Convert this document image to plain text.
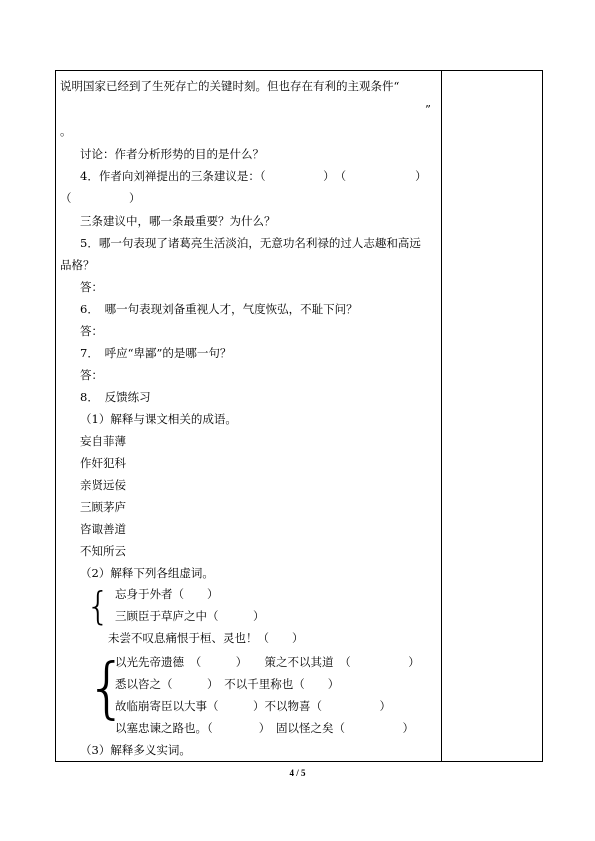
说明国家已经到了生死存亡的关键时刻。但也存在有利的主观条件“
”
。
讨论：作者分析形势的目的是什么？
4．作者向刘禅提出的三条建议是：（　　　　　）　（　　　　　　）
（　　　　　）
三条建议中，哪一条最重要？为什么？
5．哪一句表现了诸葛亮生活淡泊，无意功名利禄的过人志趣和高远
品格？
答：
6．　哪一句表现刘备重视人才，气度恢弘，不耻下问？
答：
7．　呼应“卑鄙”的是哪一句？
答：
8．　反馈练习
（1）解释与课文相关的成语。
妄自菲薄
作奸犯科
亲贤远佞
三顾茅庐
咨诹善道
不知所云
（2）解释下列各组虚词。
{ 忘身于外者（　　）
三顾臣于草庐之中（　　　）
未尝不叹息痛恨于桓、灵也！（　　）
{
以光先帝遗德　（　　　）　　策之不以其道　（　　　　　）
悉以咨之（　　　）　不以千里称也（　　）
故临崩寄臣以大事（　　　）不以物喜（　　　　　）
以塞忠谏之路也。（　　　　）　固以怪之矣（　　　　　）
（3）解释多义实词。
4 / 5
